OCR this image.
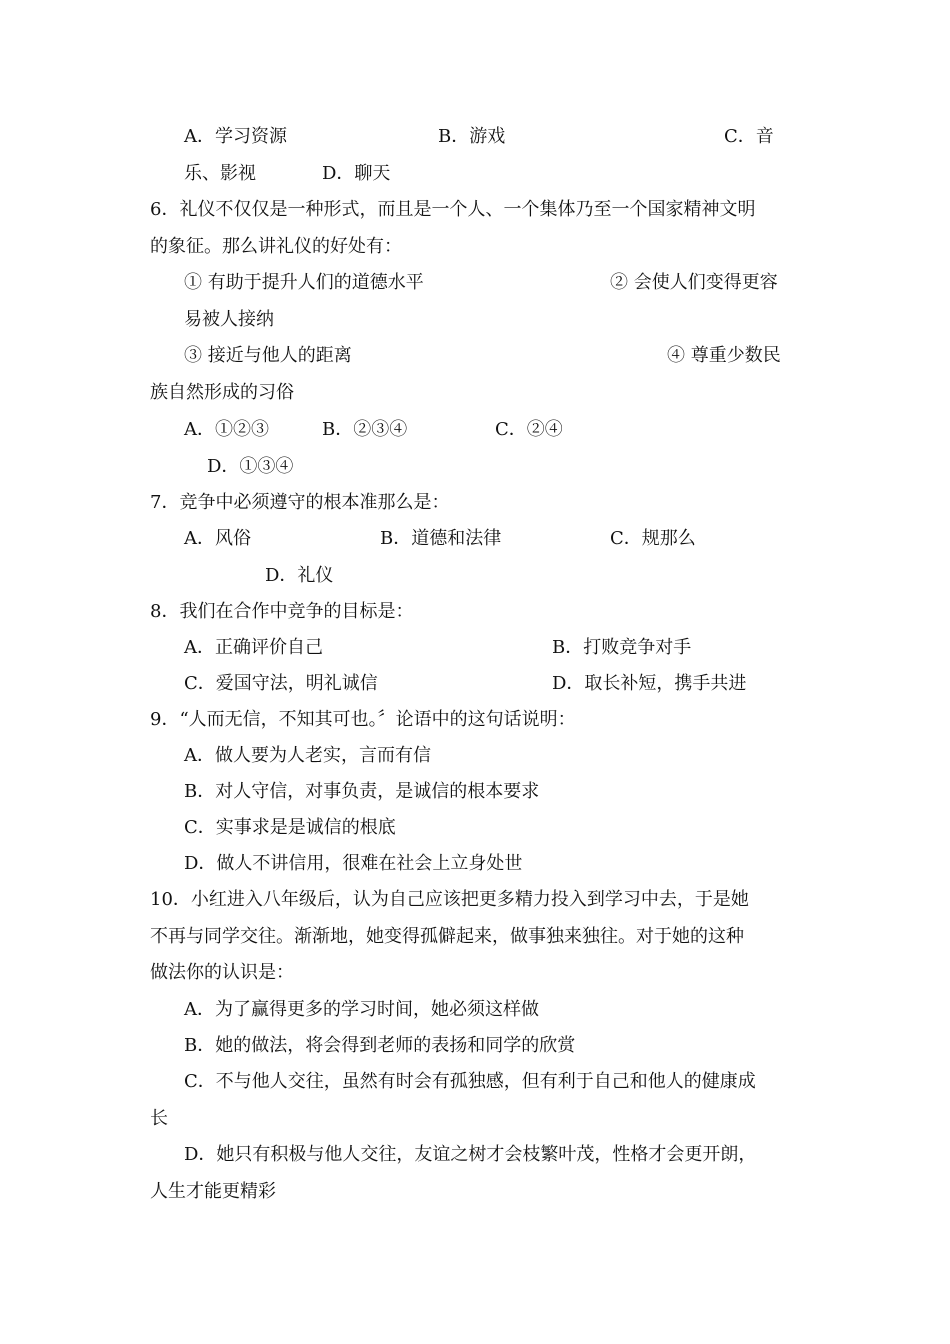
A．学习资源	B．游戏	C．音
乐、影视	D．聊天
6．礼仪不仅仅是一种形式，而且是一个人、一个集体乃至一个国家精神文明
的象征。那么讲礼仪的好处有：
① 有助于提升人们的道德水平	② 会使人们变得更容
易被人接纳
③ 接近与他人的距离	④ 尊重少数民
族自然形成的习俗
A．①②③	B．②③④	C．②④
D．①③④
7．竞争中必须遵守的根本准那么是：
A．风俗	B．道德和法律	C．规那么
D．礼仪
8．我们在合作中竞争的目标是：
A．正确评价自己	B．打败竞争对手
C．爱国守法，明礼诚信	D．取长补短，携手共进
9．“人而无信，不知其可也。〞论语中的这句话说明：
A．做人要为人老实，言而有信
B．对人守信，对事负责，是诚信的根本要求
C．实事求是是诚信的根底
D．做人不讲信用，很难在社会上立身处世
10．小红进入八年级后，认为自己应该把更多精力投入到学习中去，于是她
不再与同学交往。渐渐地，她变得孤僻起来，做事独来独往。对于她的这种
做法你的认识是：
A．为了赢得更多的学习时间，她必须这样做
B．她的做法，将会得到老师的表扬和同学的欣赏
C．不与他人交往，虽然有时会有孤独感，但有利于自己和他人的健康成
长
D．她只有积极与他人交往，友谊之树才会枝繁叶茂，性格才会更开朗，
人生才能更精彩
